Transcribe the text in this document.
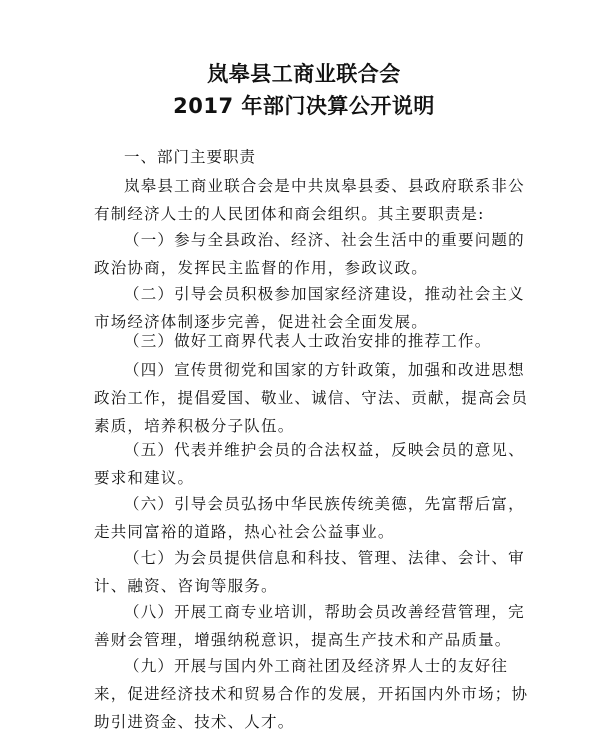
岚皋县工商业联合会
2017 年部门决算公开说明
一、部门主要职责
岚皋县工商业联合会是中共岚皋县委、县政府联系非公
有制经济人士的人民团体和商会组织。其主要职责是:
（一）参与全县政治、经济、社会生活中的重要问题的
政治协商，发挥民主监督的作用，参政议政。
（二）引导会员积极参加国家经济建设，推动社会主义
市场经济体制逐步完善，促进社会全面发展。
（三）做好工商界代表人士政治安排的推荐工作。
（四）宣传贯彻党和国家的方针政策，加强和改进思想
政治工作，提倡爱国、敬业、诚信、守法、贡献，提高会员
素质，培养积极分子队伍。
（五）代表并维护会员的合法权益，反映会员的意见、
要求和建议。
（六）引导会员弘扬中华民族传统美德，先富帮后富，
走共同富裕的道路，热心社会公益事业。
（七）为会员提供信息和科技、管理、法律、会计、审
计、融资、咨询等服务。
（八）开展工商专业培训，帮助会员改善经营管理，完
善财会管理，增强纳税意识，提高生产技术和产品质量。
（九）开展与国内外工商社团及经济界人士的友好往
来，促进经济技术和贸易合作的发展，开拓国内外市场；协
助引进资金、技术、人才。
